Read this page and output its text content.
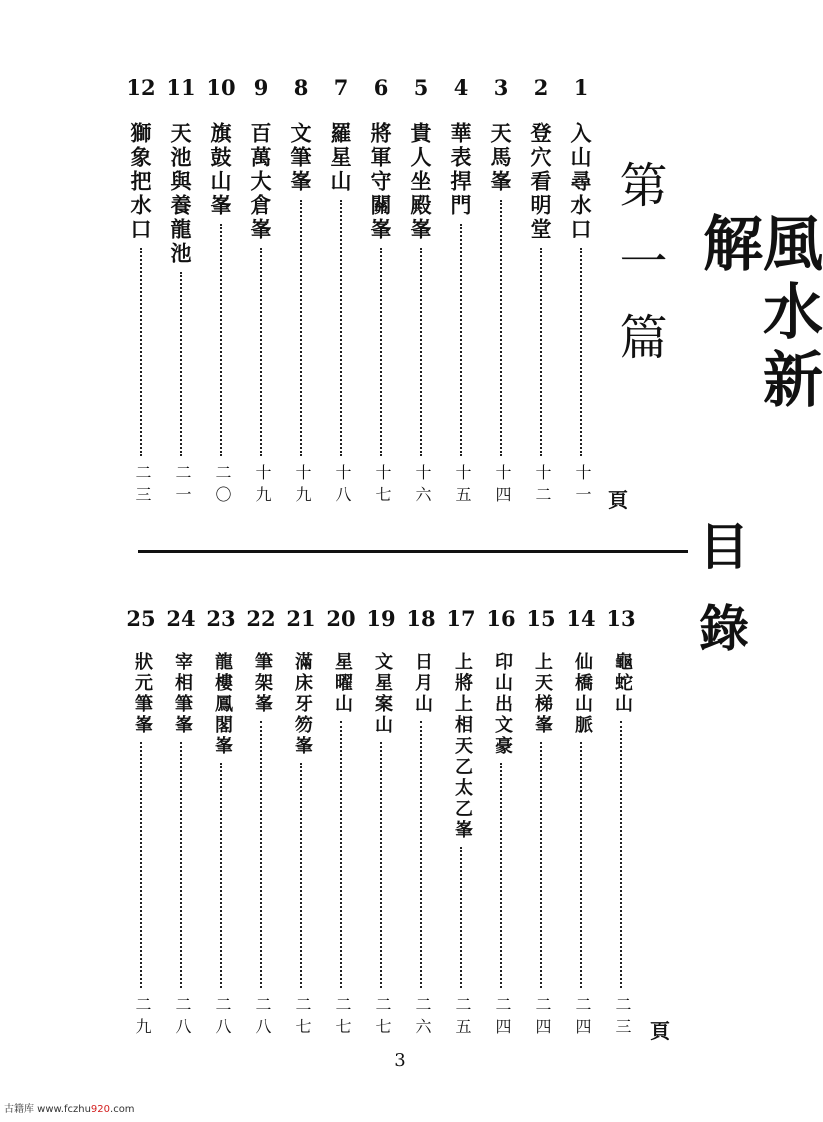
風水新解
目錄
第一篇
頁
頁
1
入山尋水口
十一
2
登穴看明堂
十二
3
天馬峯
十四
4
華表捍門
十五
5
貴人坐殿峯
十六
6
將軍守關峯
十七
7
羅星山
十八
8
文筆峯
十九
9
百萬大倉峯
十九
10
旗鼓山峯
二〇
11
天池與養龍池
二一
12
獅象把水口
二三
13
龜蛇山
二三
14
仙橋山脈
二四
15
上天梯峯
二四
16
印山出文豪
二四
17
上將上相天乙太乙峯
二五
18
日月山
二六
19
文星案山
二七
20
星曜山
二七
21
滿床牙笏峯
二七
22
筆架峯
二八
23
龍樓鳳閣峯
二八
24
宰相筆峯
二八
25
狀元筆峯
二九
3
古籍库 www.fczhu920.com
